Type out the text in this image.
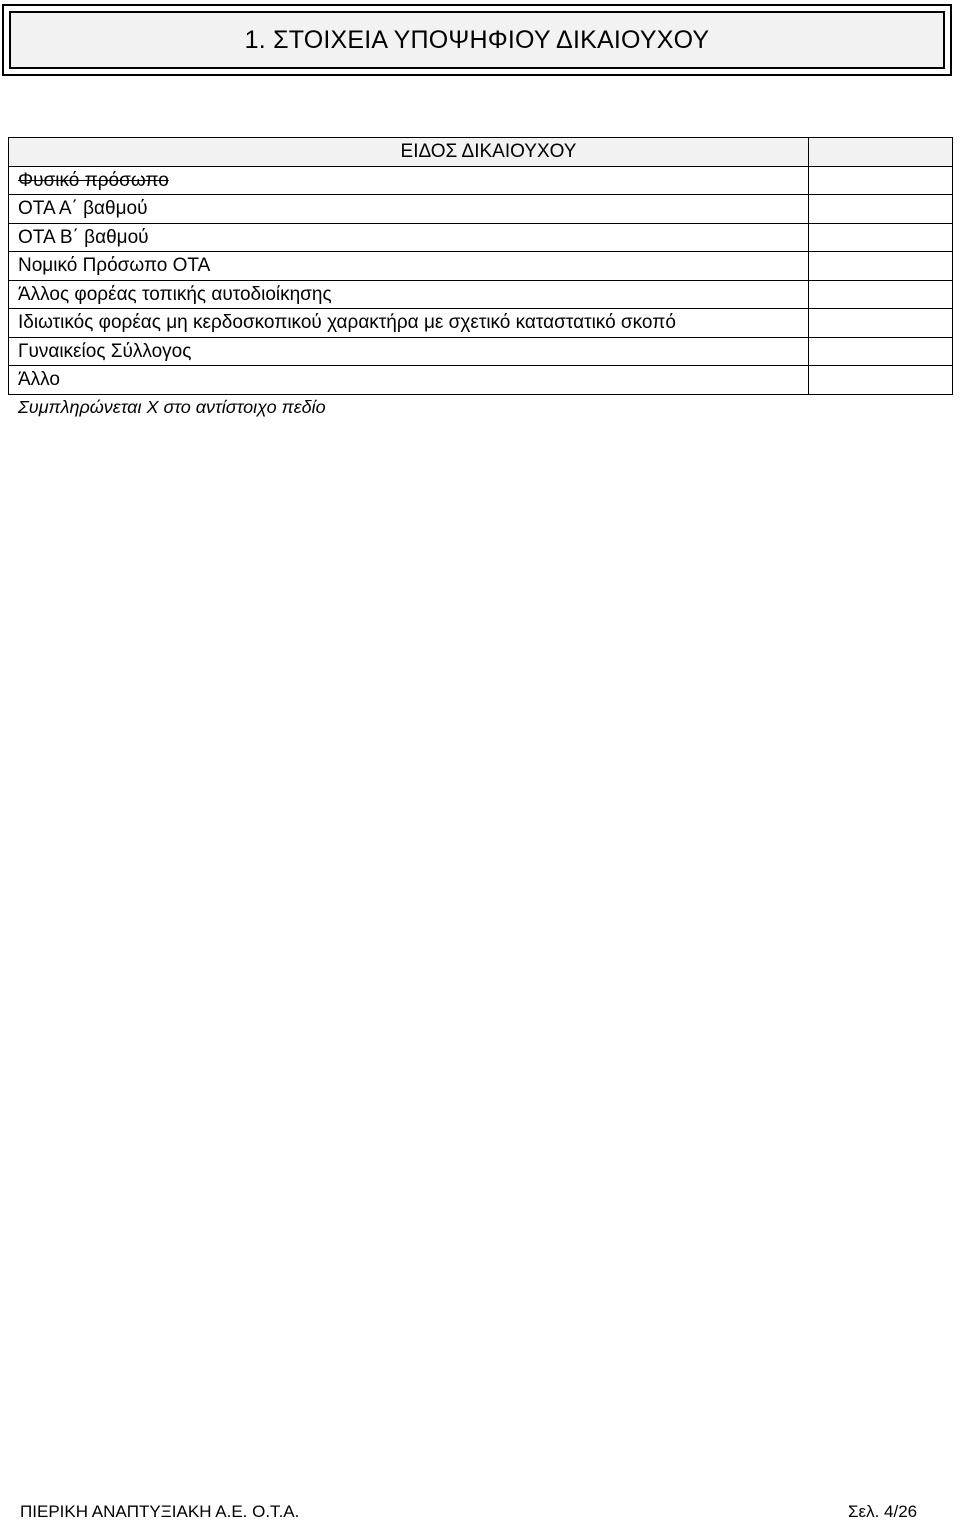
1. ΣΤΟΙΧΕΙΑ ΥΠΟΨΗΦΙΟΥ ΔΙΚΑΙΟΥΧΟΥ
ΕΙΔΟΣ ΔΙΚΑΙΟΥΧΟΥ	
Φυσικό πρόσωπο	
ΟΤΑ Α΄ βαθμού	
ΟΤΑ Β΄ βαθμού	
Νομικό Πρόσωπο ΟΤΑ	
Άλλος φορέας τοπικής αυτοδιοίκησης	
Ιδιωτικός φορέας μη κερδοσκοπικού χαρακτήρα με σχετικό καταστατικό σκοπό	
Γυναικείος Σύλλογος	
Άλλο	
Συμπληρώνεται Χ στο αντίστοιχο πεδίο
ΠΙΕΡΙΚΗ ΑΝΑΠΤΥΞΙΑΚΗ Α.Ε. Ο.Τ.Α.	Σελ. 4/26
